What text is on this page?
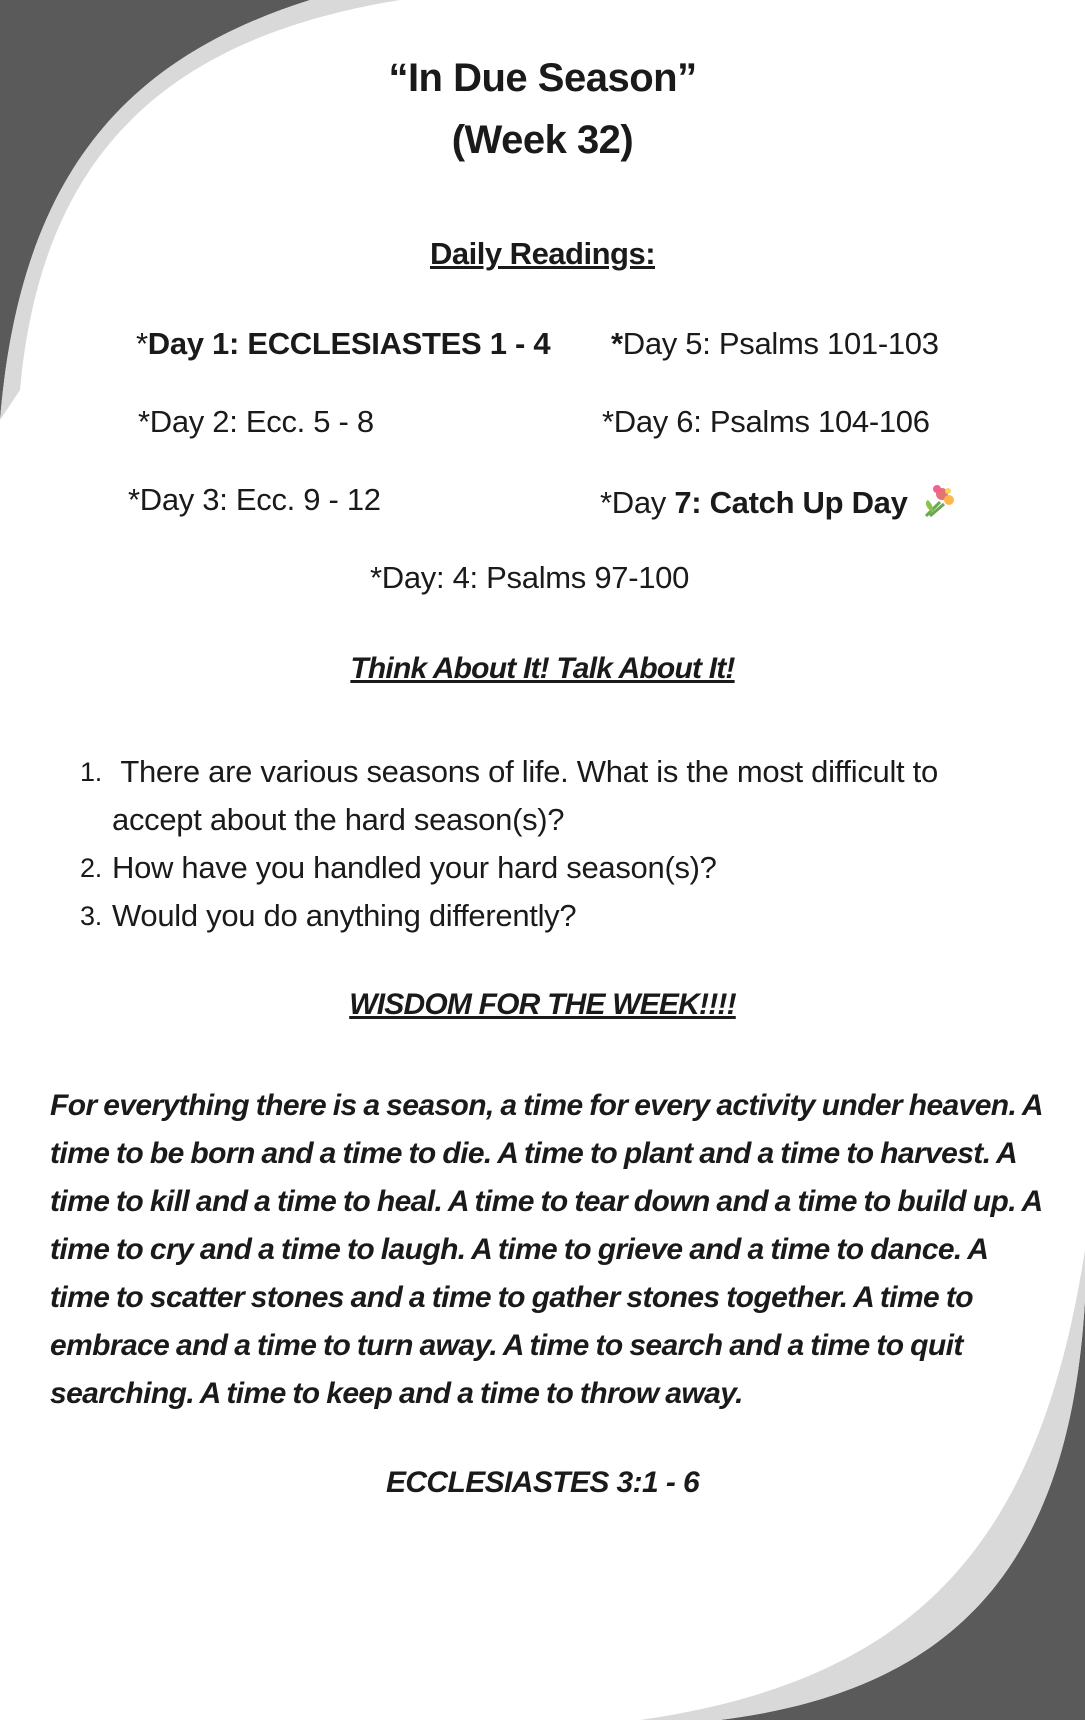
“In Due Season”
(Week 32)
Daily Readings:
*Day 1: ECCLESIASTES 1 - 4 *Day 5: Psalms 101-103
*Day 2: Ecc. 5 - 8	*Day 6: Psalms 104-106
*Day 3: Ecc. 9 - 12	*Day 7: Catch Up Day
*Day: 4: Psalms 97-100
Think About It! Talk About It!
1. There are various seasons of life. What is the most difficult to
accept about the hard season(s)?
2. How have you handled your hard season(s)?
3. Would you do anything differently?
WISDOM FOR THE WEEK!!!!
For everything there is a season, a time for every activity under heaven. A time to be born and a time to die. A time to plant and a time to harvest. A time to kill and a time to heal. A time to tear down and a time to build up. A time to cry and a time to laugh. A time to grieve and a time to dance. A time to scatter stones and a time to gather stones together. A time to embrace and a time to turn away. A time to search and a time to quit searching. A time to keep and a time to throw away.
ECCLESIASTES 3:1 - 6
